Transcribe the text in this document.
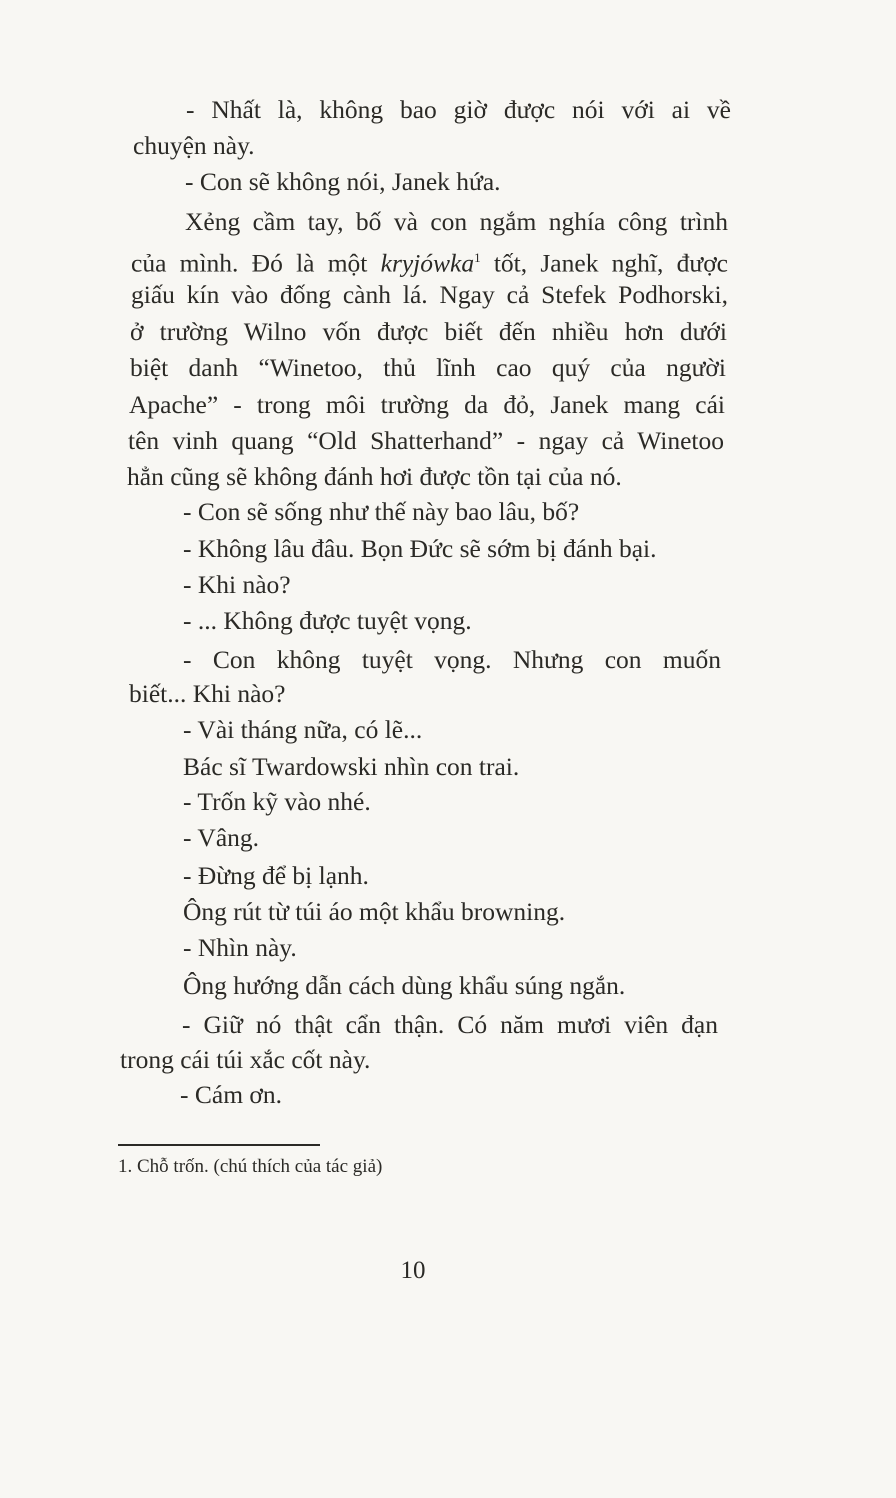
- Nhất là, không bao giờ được nói với ai về
chuyện này.
- Con sẽ không nói, Janek hứa.
Xẻng cầm tay, bố và con ngắm nghía công trình
của mình. Đó là một kryjówka$^1$ tốt, Janek nghĩ, được
giấu kín vào đống cành lá. Ngay cả Stefek Podhorski,
ở trường Wilno vốn được biết đến nhiều hơn dưới
biệt danh “Winetoo, thủ lĩnh cao quý của người
Apache” - trong môi trường da đỏ, Janek mang cái
tên vinh quang “Old Shatterhand” - ngay cả Winetoo
hẳn cũng sẽ không đánh hơi được tồn tại của nó.
- Con sẽ sống như thế này bao lâu, bố?
- Không lâu đâu. Bọn Đức sẽ sớm bị đánh bại.
- Khi nào?
- ... Không được tuyệt vọng.
- Con không tuyệt vọng. Nhưng con muốn
biết... Khi nào?
- Vài tháng nữa, có lẽ...
Bác sĩ Twardowski nhìn con trai.
- Trốn kỹ vào nhé.
- Vâng.
- Đừng để bị lạnh.
Ông rút từ túi áo một khẩu browning.
- Nhìn này.
Ông hướng dẫn cách dùng khẩu súng ngắn.
- Giữ nó thật cẩn thận. Có năm mươi viên đạn
trong cái túi xắc cốt này.
- Cám ơn.
1. Chỗ trốn. (chú thích của tác giả)
10
